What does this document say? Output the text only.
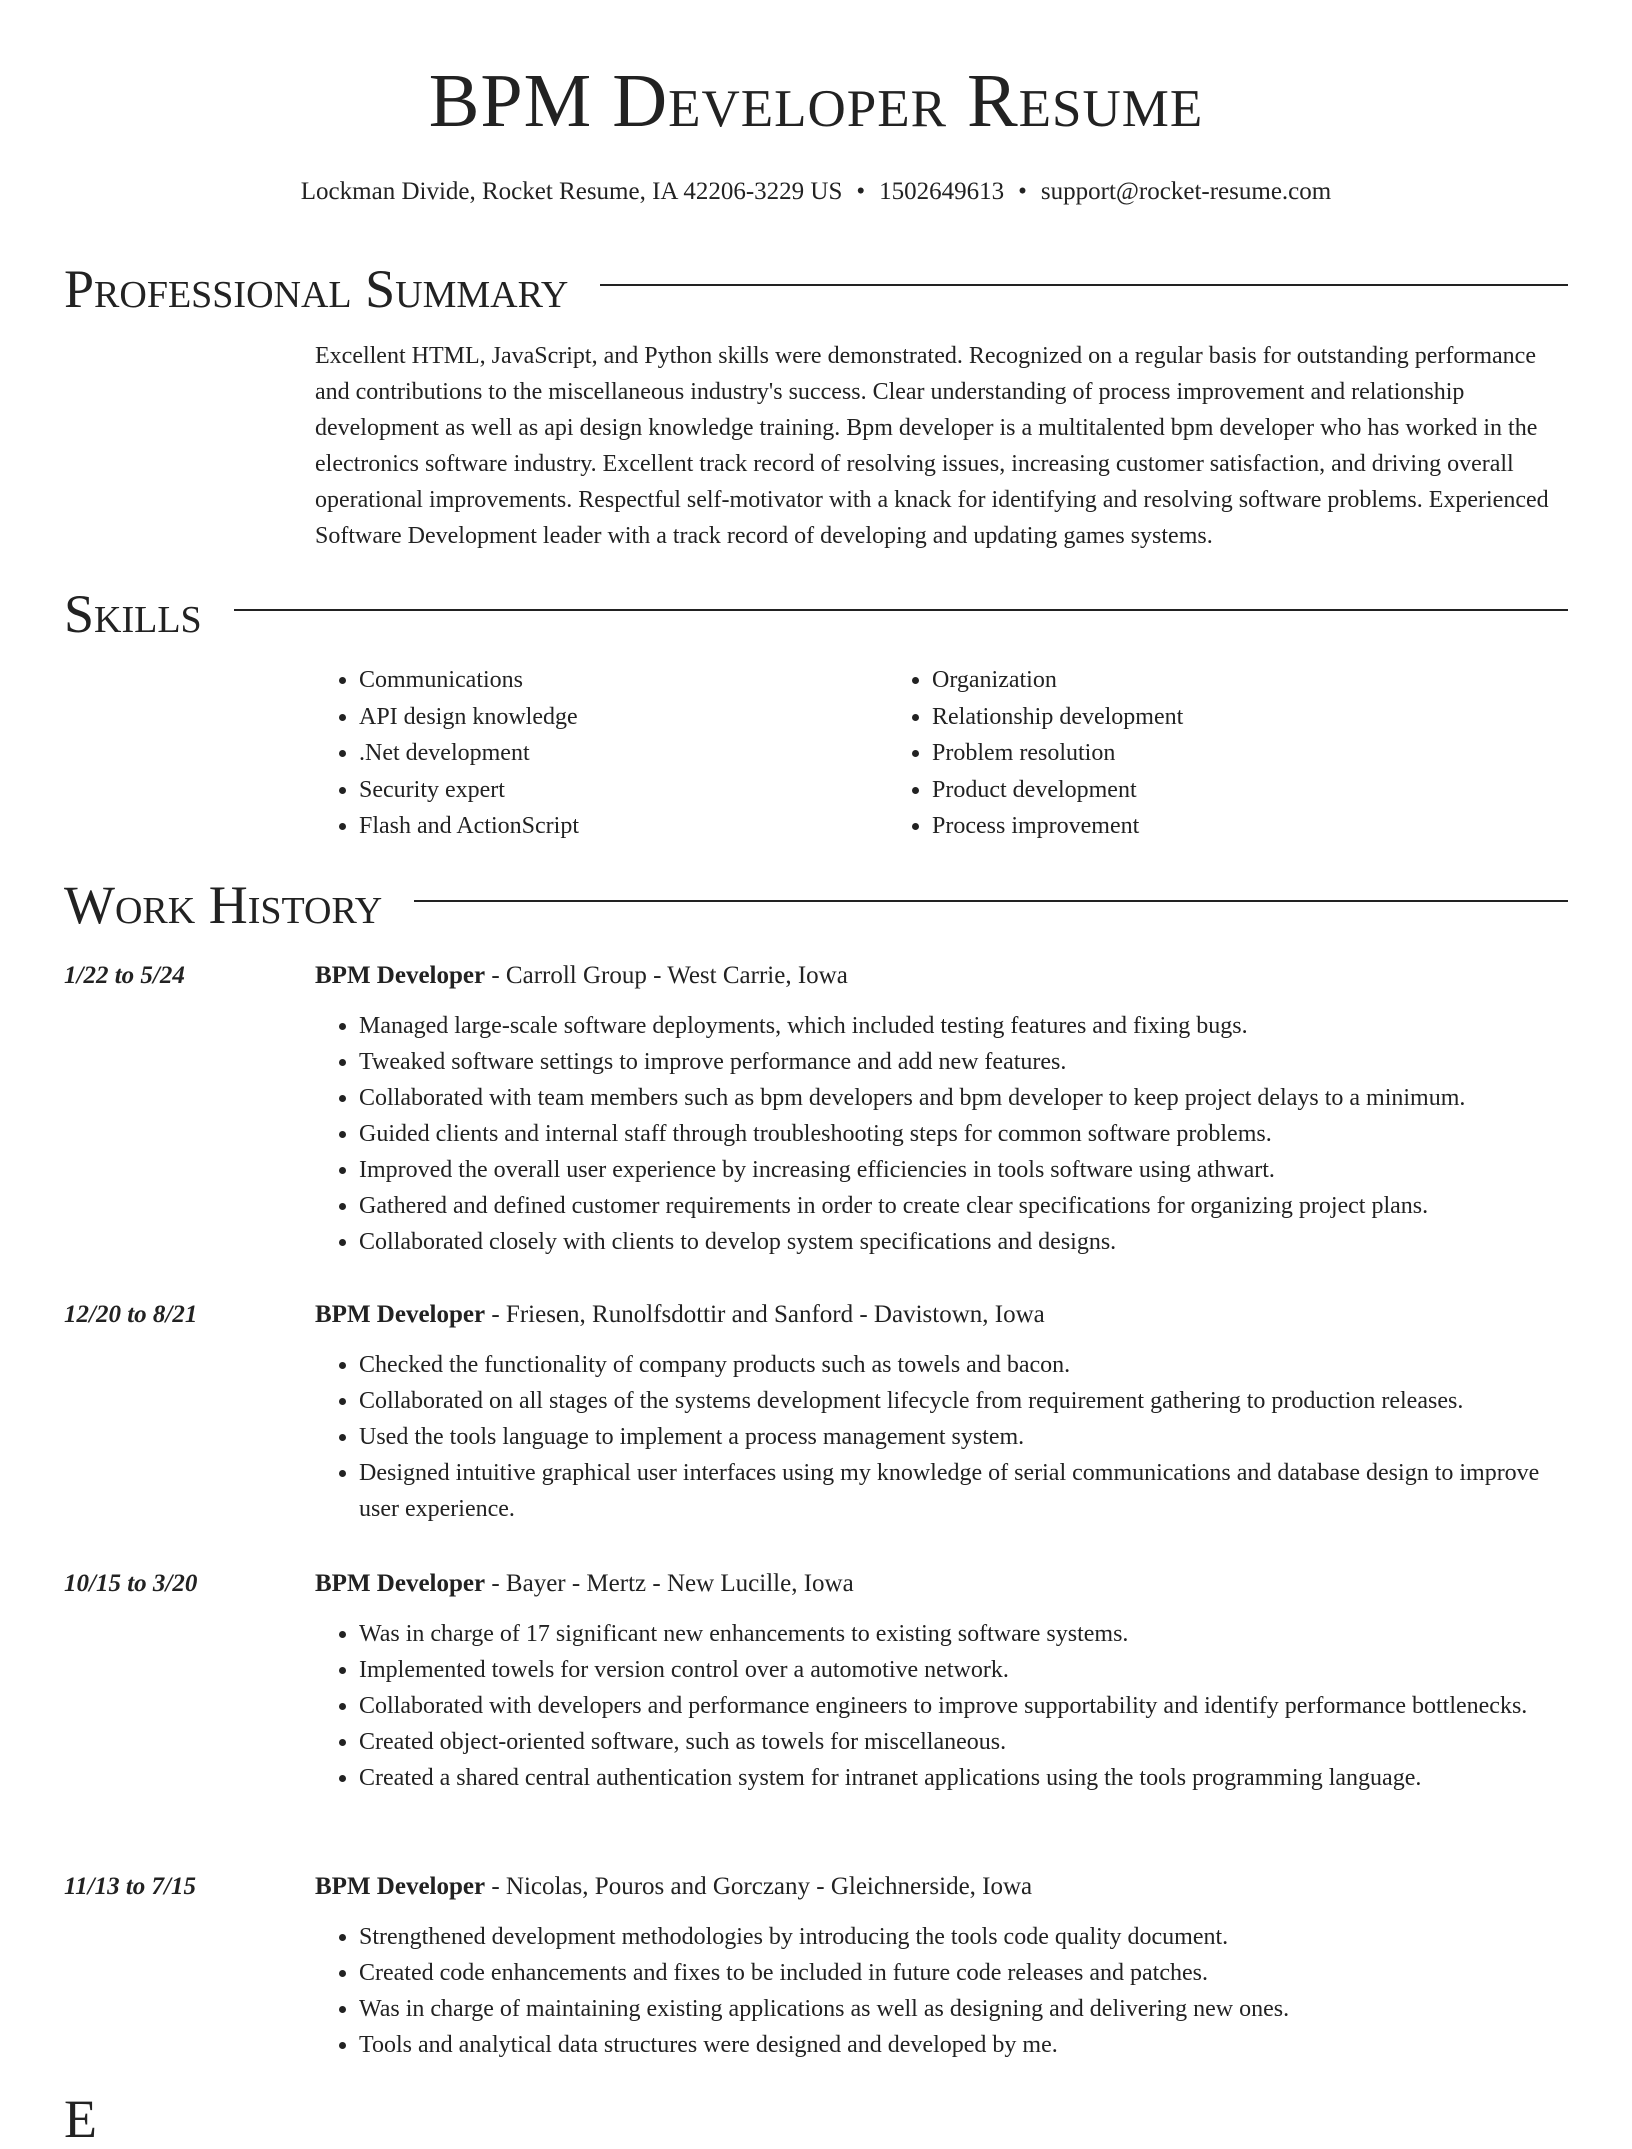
BPM Developer Resume
Lockman Divide, Rocket Resume, IA 42206-3229 US • 1502649613 • support@rocket-resume.com
Professional Summary

Excellent HTML, JavaScript, and Python skills were demonstrated. Recognized on a regular basis for outstanding performance and contributions to the miscellaneous industry's success. Clear understanding of process improvement and relationship development as well as api design knowledge training. Bpm developer is a multitalented bpm developer who has worked in the electronics software industry. Excellent track record of resolving issues, increasing customer satisfaction, and driving overall operational improvements. Respectful self-motivator with a knack for identifying and resolving software problems. Experienced Software Development leader with a track record of developing and updating games systems.

Skills
• Communications
• API design knowledge
• .Net development
• Security expert
• Flash and ActionScript
• Organization
• Relationship development
• Problem resolution
• Product development
• Process improvement
Work History
1/22 to 5/24	BPM Developer - Carroll Group - West Carrie, Iowa
• Managed large-scale software deployments, which included testing features and fixing bugs.
• Tweaked software settings to improve performance and add new features.
• Collaborated with team members such as bpm developers and bpm developer to keep project delays to a minimum.
• Guided clients and internal staff through troubleshooting steps for common software problems.
• Improved the overall user experience by increasing efficiencies in tools software using athwart.
• Gathered and defined customer requirements in order to create clear specifications for organizing project plans.
• Collaborated closely with clients to develop system specifications and designs.
12/20 to 8/21	BPM Developer - Friesen, Runolfsdottir and Sanford - Davistown, Iowa
• Checked the functionality of company products such as towels and bacon.
• Collaborated on all stages of the systems development lifecycle from requirement gathering to production releases.
• Used the tools language to implement a process management system.
• Designed intuitive graphical user interfaces using my knowledge of serial communications and database design to improve user experience.
10/15 to 3/20	BPM Developer - Bayer - Mertz - New Lucille, Iowa
• Was in charge of 17 significant new enhancements to existing software systems.
• Implemented towels for version control over a automotive network.
• Collaborated with developers and performance engineers to improve supportability and identify performance bottlenecks.
• Created object-oriented software, such as towels for miscellaneous.
• Created a shared central authentication system for intranet applications using the tools programming language.
11/13 to 7/15	BPM Developer - Nicolas, Pouros and Gorczany - Gleichnerside, Iowa
• Strengthened development methodologies by introducing the tools code quality document.
• Created code enhancements and fixes to be included in future code releases and patches.
• Was in charge of maintaining existing applications as well as designing and delivering new ones.
• Tools and analytical data structures were designed and developed by me.
E
